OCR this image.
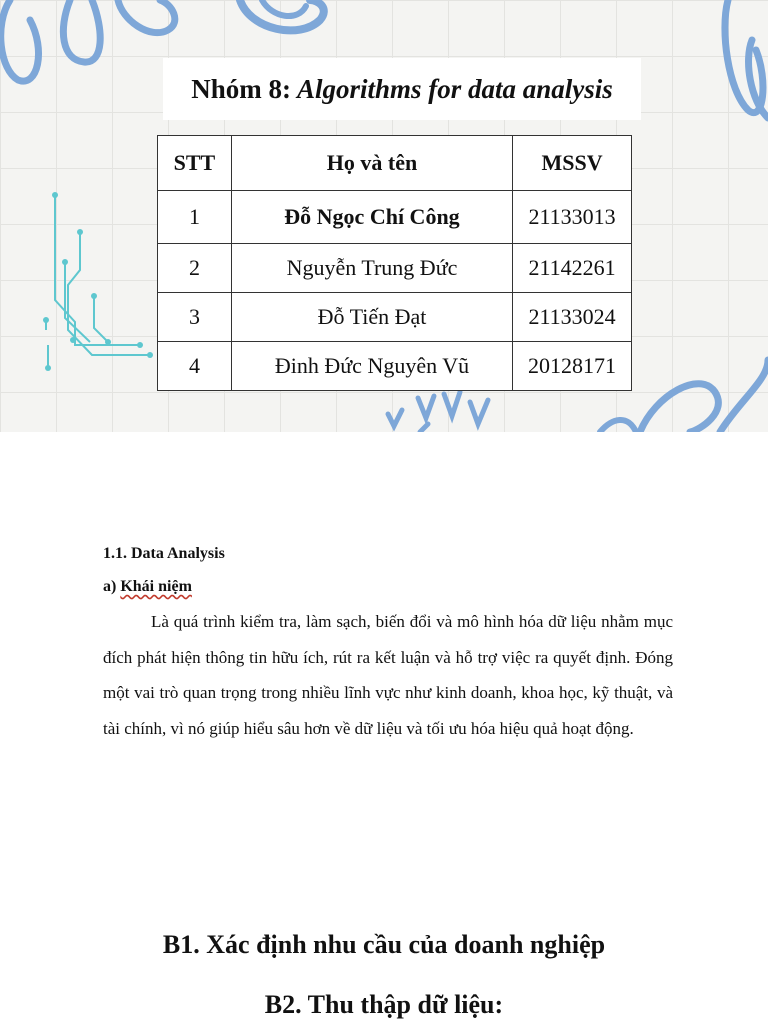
Nhóm 8: Algorithms for data analysis
STT	Họ và tên	MSSV
1	Đỗ Ngọc Chí Công	21133013
2	Nguyễn Trung Đức	21142261
3	Đỗ Tiến Đạt	21133024
4	Đinh Đức Nguyên Vũ	20128171
1.1. Data Analysis
a) Khái niệm
Là quá trình kiểm tra, làm sạch, biến đổi và mô hình hóa dữ liệu nhằm mục đích phát hiện thông tin hữu ích, rút ra kết luận và hỗ trợ việc ra quyết định. Đóng một vai trò quan trọng trong nhiều lĩnh vực như kinh doanh, khoa học, kỹ thuật, và tài chính, vì nó giúp hiểu sâu hơn về dữ liệu và tối ưu hóa hiệu quả hoạt động.
B1. Xác định nhu cầu của doanh nghiệp
B2. Thu thập dữ liệu:
